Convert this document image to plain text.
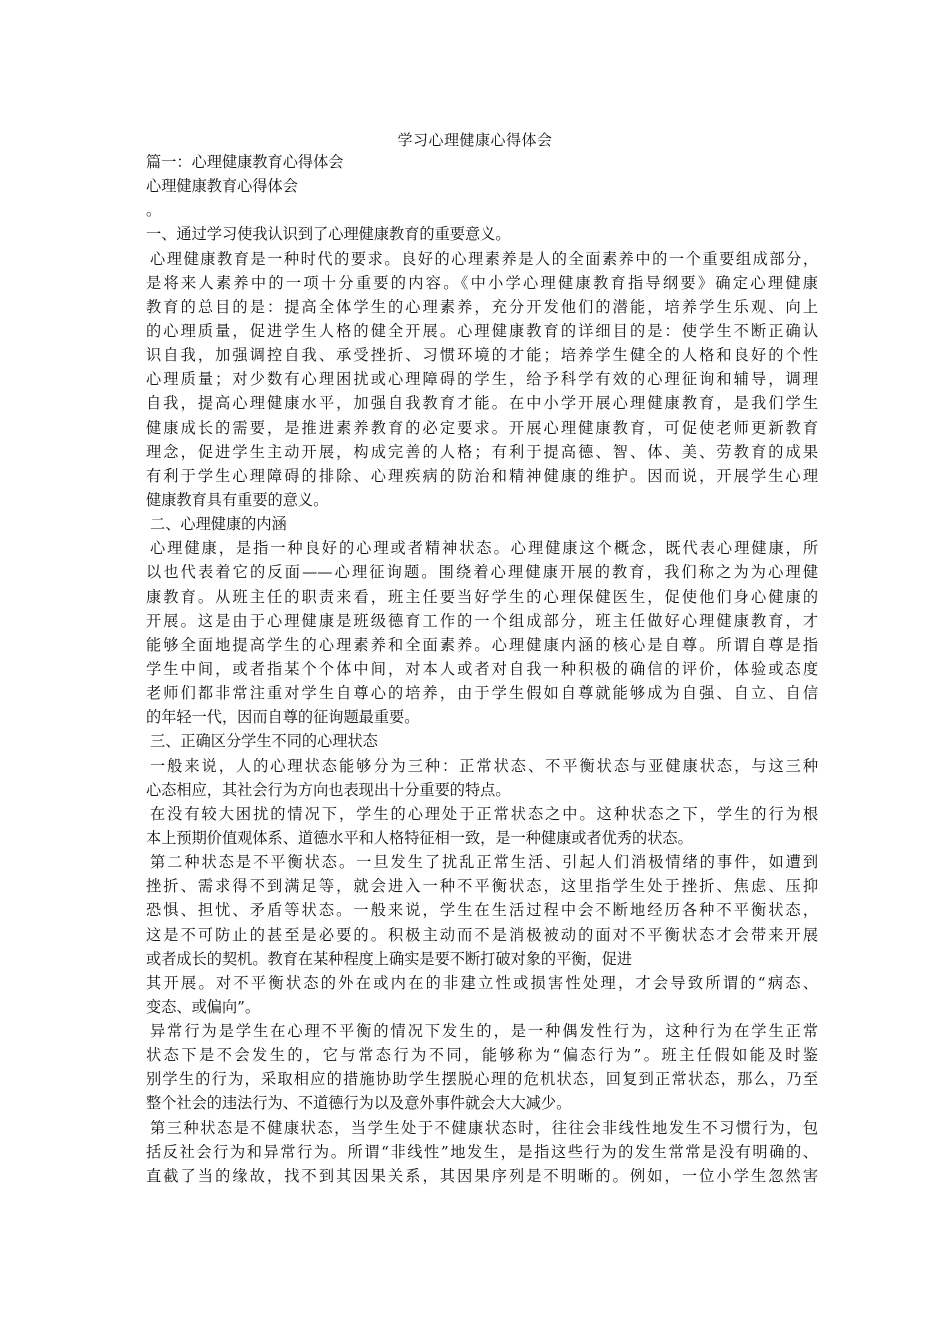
学习心理健康心得体会
篇一：心理健康教育心得体会
心理健康教育心得体会
。
一、通过学习使我认识到了心理健康教育的重要意义。
心理健康教育是一种时代的要求。良好的心理素养是人的全面素养中的一个重要组成部分，
是将来人素养中的一项十分重要的内容。《中小学心理健康教育指导纲要》确定心理健康
教育的总目的是：提高全体学生的心理素养，充分开发他们的潜能，培养学生乐观、向上
的心理质量，促进学生人格的健全开展。心理健康教育的详细目的是：使学生不断正确认
识自我，加强调控自我、承受挫折、习惯环境的才能；培养学生健全的人格和良好的个性
心理质量；对少数有心理困扰或心理障碍的学生，给予科学有效的心理征询和辅导，调理
自我，提高心理健康水平，加强自我教育才能。在中小学开展心理健康教育，是我们学生
健康成长的需要，是推进素养教育的必定要求。开展心理健康教育，可促使老师更新教育
理念，促进学生主动开展，构成完善的人格；有利于提高德、智、体、美、劳教育的成果
有利于学生心理障碍的排除、心理疾病的防治和精神健康的维护。因而说，开展学生心理
健康教育具有重要的意义。
二、心理健康的内涵
心理健康，是指一种良好的心理或者精神状态。心理健康这个概念，既代表心理健康，所
以也代表着它的反面——心理征询题。围绕着心理健康开展的教育，我们称之为为心理健
康教育。从班主任的职责来看，班主任要当好学生的心理保健医生，促使他们身心健康的
开展。这是由于心理健康是班级德育工作的一个组成部分，班主任做好心理健康教育，才
能够全面地提高学生的心理素养和全面素养。心理健康内涵的核心是自尊。所谓自尊是指
学生中间，或者指某个个体中间，对本人或者对自我一种积极的确信的评价，体验或态度
老师们都非常注重对学生自尊心的培养，由于学生假如自尊就能够成为自强、自立、自信
的年轻一代，因而自尊的征询题最重要。
三、正确区分学生不同的心理状态
一般来说，人的心理状态能够分为三种：正常状态、不平衡状态与亚健康状态，与这三种
心态相应，其社会行为方向也表现出十分重要的特点。
在没有较大困扰的情况下，学生的心理处于正常状态之中。这种状态之下，学生的行为根
本上预期价值观体系、道德水平和人格特征相一致，是一种健康或者优秀的状态。
第二种状态是不平衡状态。一旦发生了扰乱正常生活、引起人们消极情绪的事件，如遭到
挫折、需求得不到满足等，就会进入一种不平衡状态，这里指学生处于挫折、焦虑、压抑
恐惧、担忧、矛盾等状态。一般来说，学生在生活过程中会不断地经历各种不平衡状态，
这是不可防止的甚至是必要的。积极主动而不是消极被动的面对不平衡状态才会带来开展
或者成长的契机。教育在某种程度上确实是要不断打破对象的平衡，促进
其开展。对不平衡状态的外在或内在的非建立性或损害性处理，才会导致所谓的“病态、
变态、或偏向”。
异常行为是学生在心理不平衡的情况下发生的，是一种偶发性行为，这种行为在学生正常
状态下是不会发生的，它与常态行为不同，能够称为“偏态行为”。班主任假如能及时鉴
别学生的行为，采取相应的措施协助学生摆脱心理的危机状态，回复到正常状态，那么，乃至
整个社会的违法行为、不道德行为以及意外事件就会大大减少。
第三种状态是不健康状态，当学生处于不健康状态时，往往会非线性地发生不习惯行为，包
括反社会行为和异常行为。所谓“非线性”地发生，是指这些行为的发生常常是没有明确的、
直截了当的缘故，找不到其因果关系，其因果序列是不明晰的。例如，一位小学生忽然害
